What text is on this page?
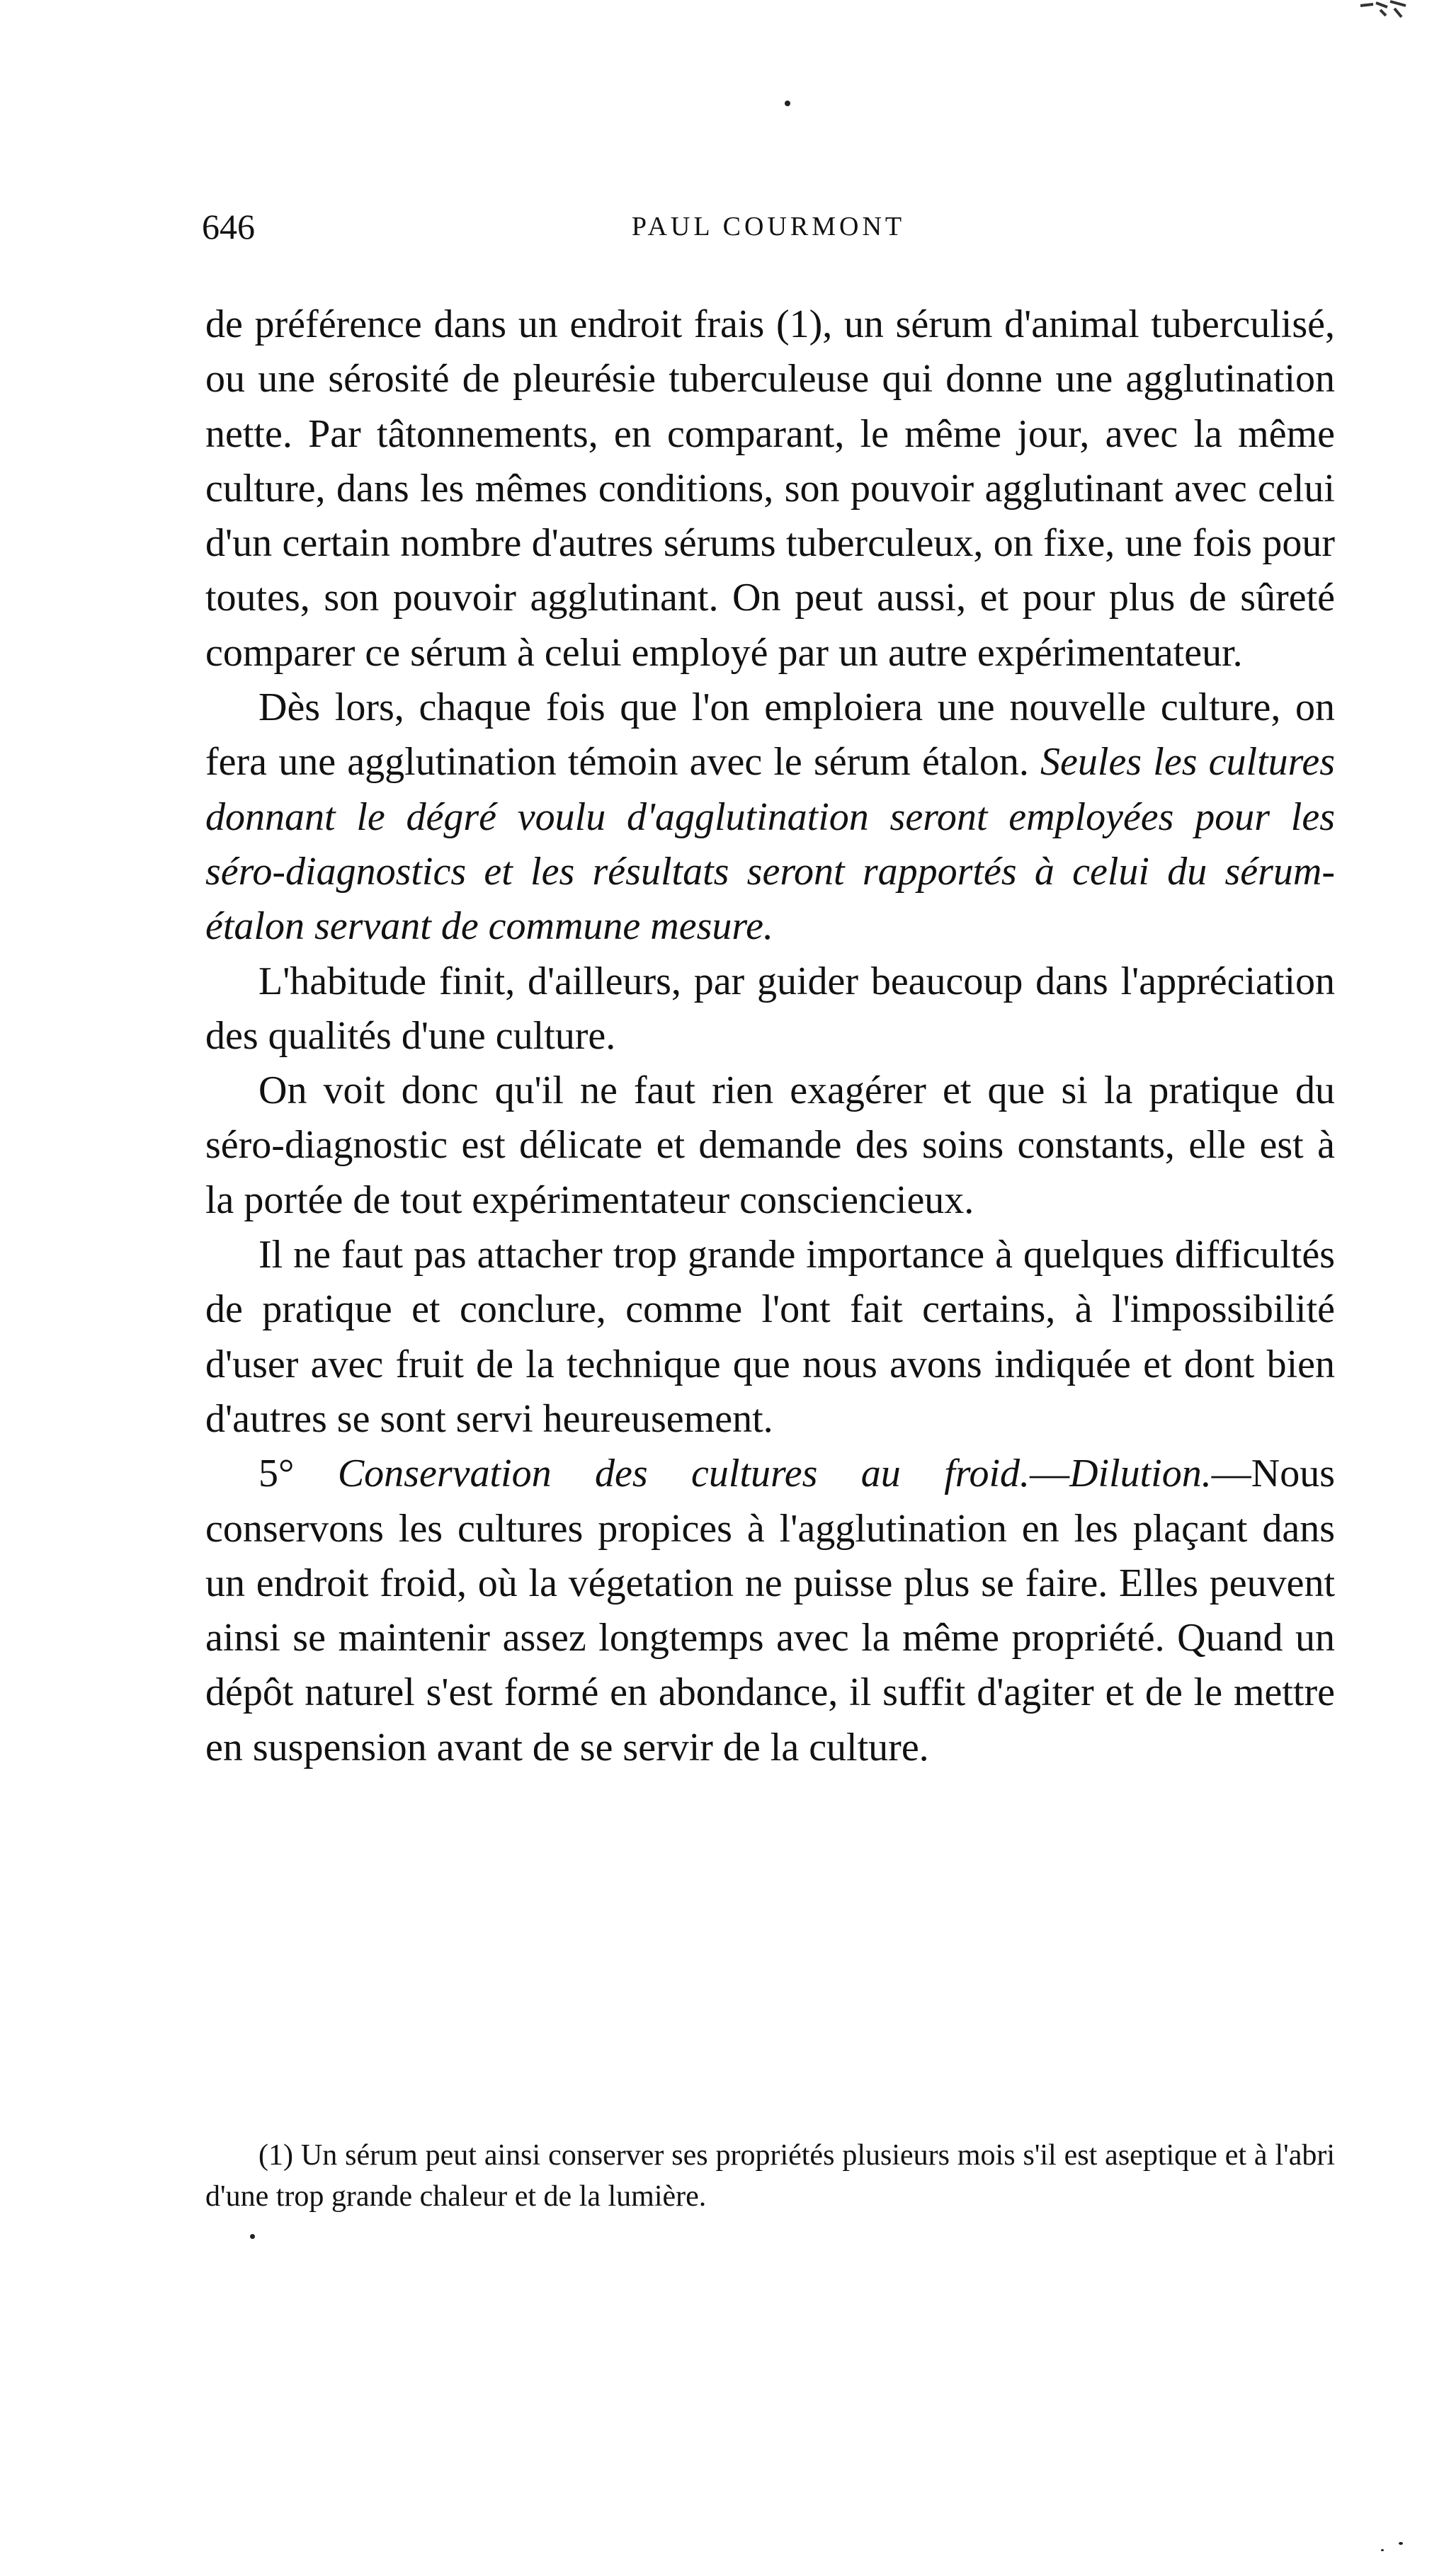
646	PAUL COURMONT

de préférence dans un endroit frais (1), un sérum d'animal tuberculisé, ou une sérosité de pleurésie tuberculeuse qui donne une agglutination nette. Par tâtonnements, en comparant, le même jour, avec la même culture, dans les mêmes conditions, son pouvoir agglutinant avec celui d'un certain nombre d'autres sérums tuberculeux, on fixe, une fois pour toutes, son pouvoir agglutinant. On peut aussi, et pour plus de sûreté comparer ce sérum à celui employé par un autre expérimentateur.

Dès lors, chaque fois que l'on emploiera une nouvelle culture, on fera une agglutination témoin avec le sérum étalon. Seules les cultures donnant le dégré voulu d'agglutination seront employées pour les séro-diagnostics et les résultats seront rapportés à celui du sérum-étalon servant de commune mesure.

L'habitude finit, d'ailleurs, par guider beaucoup dans l'appréciation des qualités d'une culture.

On voit donc qu'il ne faut rien exagérer et que si la pratique du séro-diagnostic est délicate et demande des soins constants, elle est à la portée de tout expérimentateur consciencieux.

Il ne faut pas attacher trop grande importance à quelques difficultés de pratique et conclure, comme l'ont fait certains, à l'impossibilité d'user avec fruit de la technique que nous avons indiquée et dont bien d'autres se sont servi heureusement.

5° Conservation des cultures au froid.—Dilution.—Nous conservons les cultures propices à l'agglutination en les plaçant dans un endroit froid, où la végetation ne puisse plus se faire. Elles peuvent ainsi se maintenir assez longtemps avec la même propriété. Quand un dépôt naturel s'est formé en abondance, il suffit d'agiter et de le mettre en suspension avant de se servir de la culture.

(1) Un sérum peut ainsi conserver ses propriétés plusieurs mois s'il est aseptique et à l'abri d'une trop grande chaleur et de la lumière.
